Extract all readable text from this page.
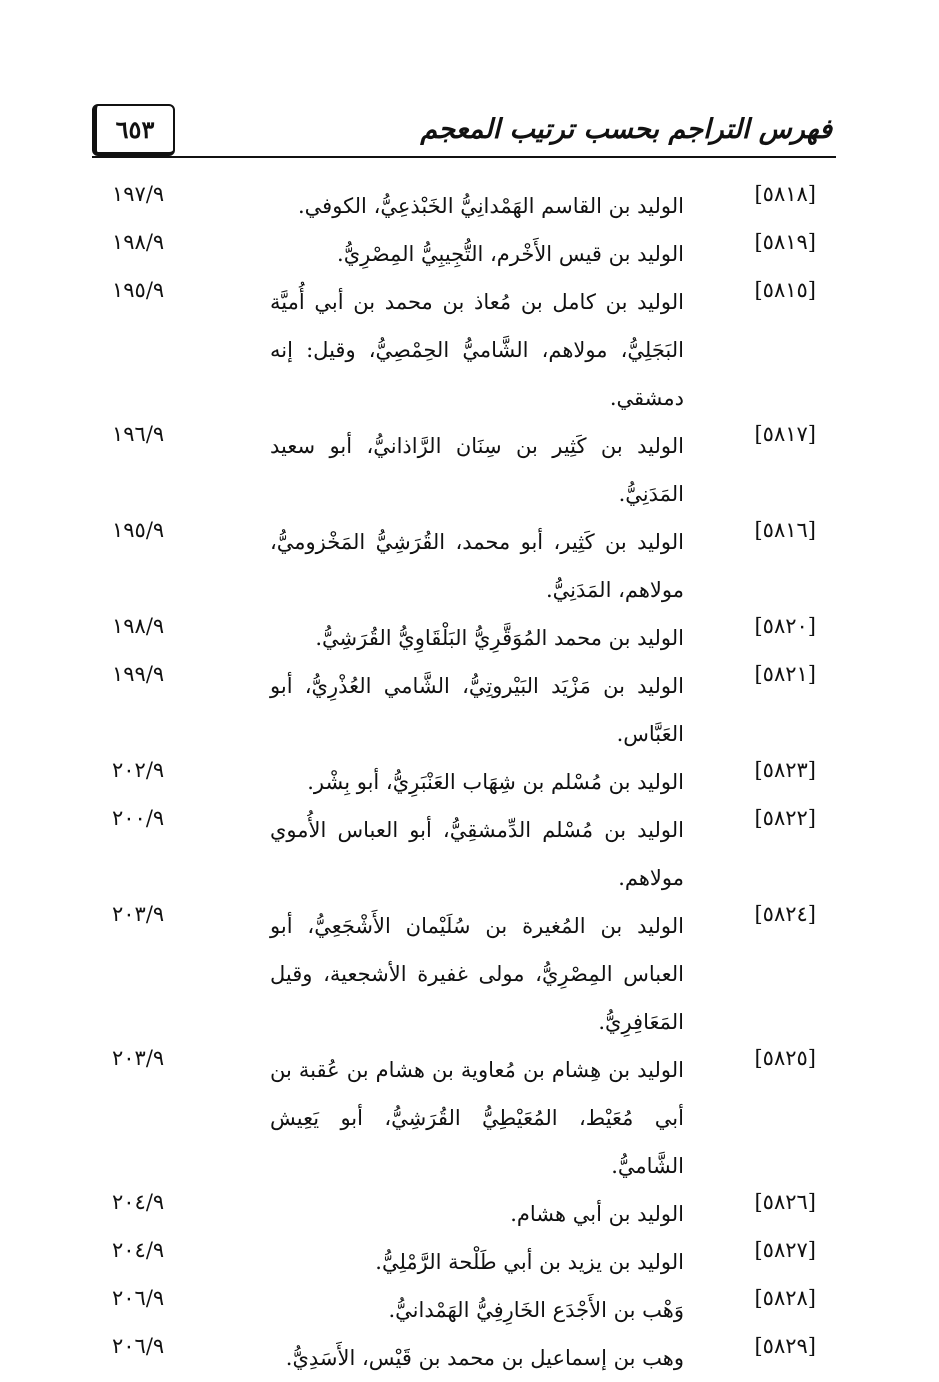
٦٥٣	فهرس التراجم بحسب ترتيب المعجم
[٥٨١٨]
الوليد بن القاسم الهَمْدانِيُّ الخَبْذعِيُّ، الكوفي.
١٩٧/٩
[٥٨١٩]
الوليد بن قيس الأَخْرم، التُّجِيبِيُّ المِصْرِيُّ.
١٩٨/٩
[٥٨١٥]
الوليد بن كامل بن مُعاذ بن محمد بن أبي أُميَّة البَجَلِيُّ، مولاهم، الشَّاميُّ الحِمْصِيُّ، وقيل: إنه دمشقي.
١٩٥/٩
[٥٨١٧]
الوليد بن كَثِير بن سِنَان الرَّاذانيُّ، أبو سعيد المَدَنِيُّ.
١٩٦/٩
[٥٨١٦]
الوليد بن كَثِير، أبو محمد، القُرَشِيُّ المَخْزوميُّ، مولاهم، المَدَنِيُّ.
١٩٥/٩
[٥٨٢٠]
الوليد بن محمد المُوَقَّرِيُّ البَلْقَاوِيُّ القُرَشِيُّ.
١٩٨/٩
[٥٨٢١]
الوليد بن مَزْيَد البَيْروتِيُّ، الشَّامي العُذْرِيُّ، أبو العَبَّاس.
١٩٩/٩
[٥٨٢٣]
الوليد بن مُسْلم بن شِهَاب العَنْبَرِيُّ، أبو بِشْر.
٢٠٢/٩
[٥٨٢٢]
الوليد بن مُسْلم الدِّمشقِيُّ، أبو العباس الأُموي مولاهم.
٢٠٠/٩
[٥٨٢٤]
الوليد بن المُغيرة بن سُلَيْمان الأَشْجَعِيُّ، أبو العباس المِصْرِيُّ، مولى غفيرة الأشجعية، وقيل المَعَافِرِيُّ.
٢٠٣/٩
[٥٨٢٥]
الوليد بن هِشام بن مُعاوية بن هشام بن عُقبة بن أبي مُعَيْط، المُعَيْطِيُّ القُرَشِيُّ، أبو يَعِيش الشَّاميُّ.
٢٠٣/٩
[٥٨٢٦]
الوليد بن أبي هشام.
٢٠٤/٩
[٥٨٢٧]
الوليد بن يزيد بن أبي طَلْحة الرَّمْلِيُّ.
٢٠٤/٩
[٥٨٢٨]
وَهْب بن الأَجْدَع الخَارِفِيُّ الهَمْدانيُّ.
٢٠٦/٩
[٥٨٢٩]
وهب بن إسماعيل بن محمد بن قَيْس، الأَسَدِيُّ.
٢٠٦/٩
